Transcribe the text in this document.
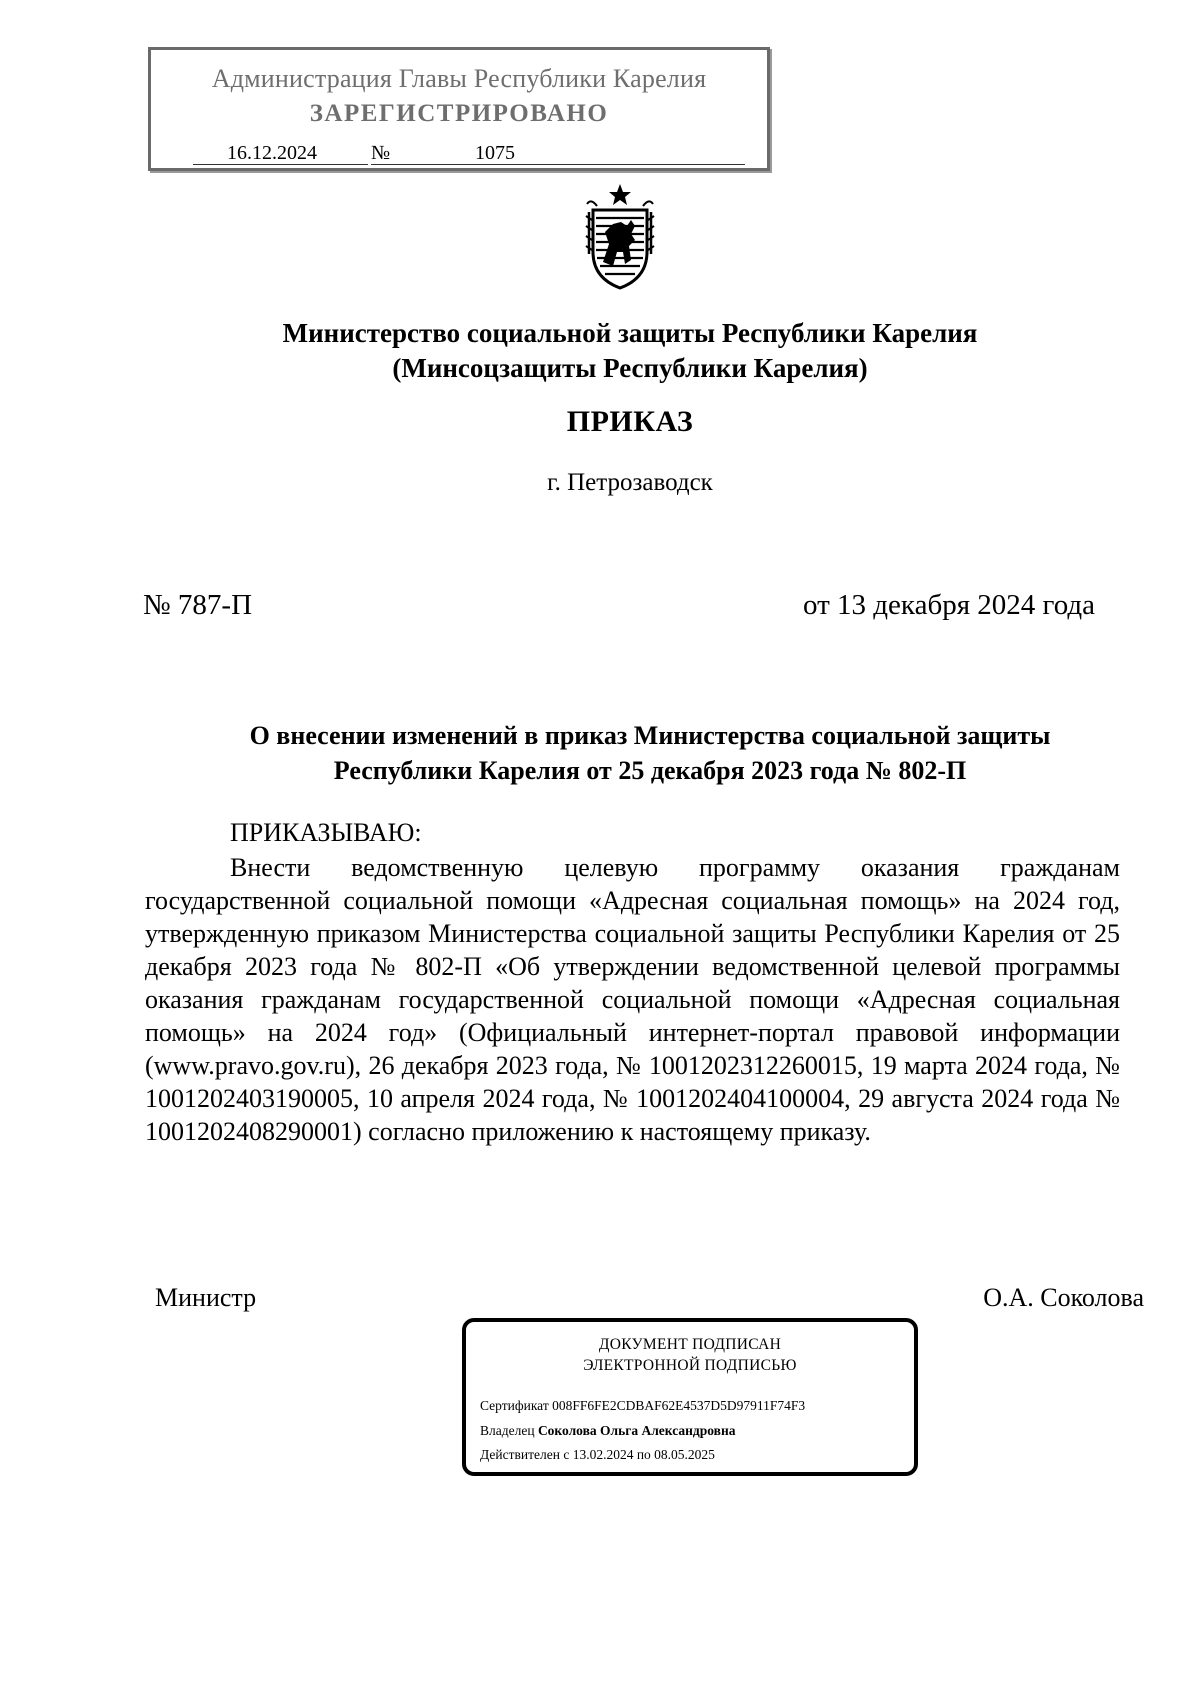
Администрация Главы Республики Карелия
ЗАРЕГИСТРИРОВАНО
16.12.2024	№	1075
Министерство социальной защиты Республики Карелия
(Минсоцзащиты Республики Карелия)
ПРИКАЗ
г. Петрозаводск
№ 787-П	от 13 декабря 2024 года
О внесении изменений в приказ Министерства социальной защиты
Республики Карелия от 25 декабря 2023 года № 802-П
ПРИКАЗЫВАЮ:
Внести ведомственную целевую программу оказания гражданам государственной социальной помощи «Адресная социальная помощь» на 2024 год, утвержденную приказом Министерства социальной защиты Республики Карелия от 25 декабря 2023 года № 802-П «Об утверждении ведомственной целевой программы оказания гражданам государственной социальной помощи «Адресная социальная помощь» на 2024 год» (Официальный интернет-портал правовой информации (www.pravo.gov.ru), 26 декабря 2023 года, № 1001202312260015, 19 марта 2024 года, № 1001202403190005, 10 апреля 2024 года, № 1001202404100004, 29 августа 2024 года № 1001202408290001) согласно приложению к настоящему приказу.
Министр	О.А. Соколова
ДОКУМЕНТ ПОДПИСАН
ЭЛЕКТРОННОЙ ПОДПИСЬЮ
Сертификат 008FF6FE2CDBAF62E4537D5D97911F74F3
Владелец Соколова Ольга Александровна
Действителен с 13.02.2024 по 08.05.2025
